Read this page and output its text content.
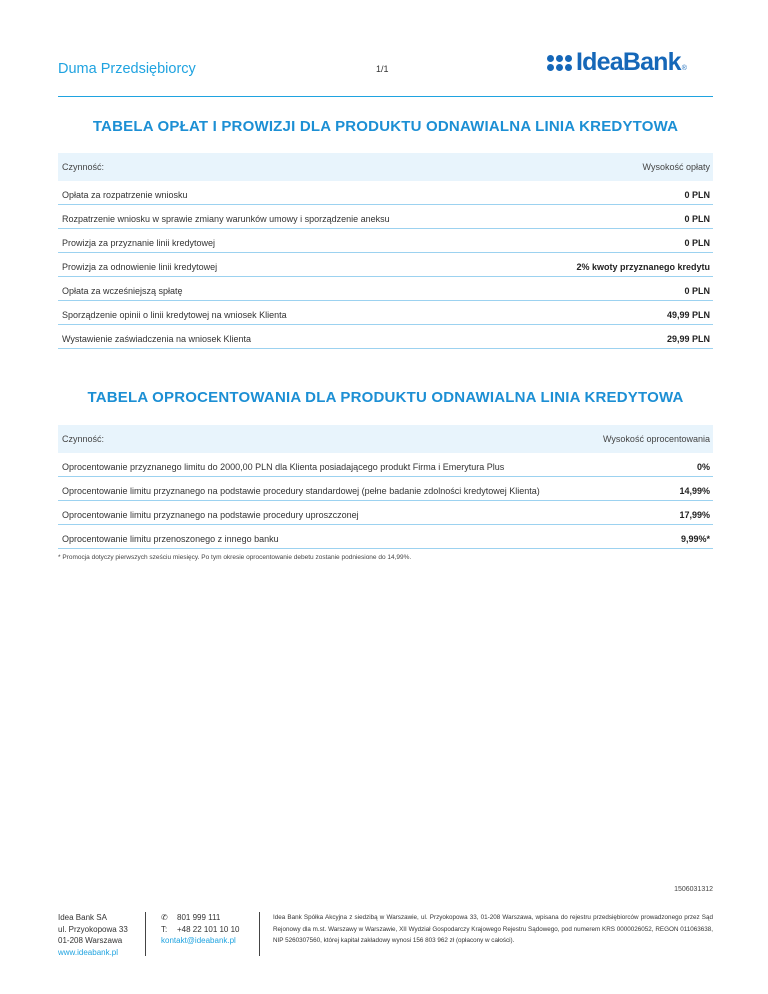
Duma Przedsiębiorcy	1/1	IdeaBank ®
TABELA OPŁAT I PROWIZJI DLA PRODUKTU ODNAWIALNA LINIA KREDYTOWA
Czynność:	Wysokość opłaty
Opłata za rozpatrzenie wniosku	0 PLN
Rozpatrzenie wniosku w sprawie zmiany warunków umowy i sporządzenie aneksu	0 PLN
Prowizja za przyznanie linii kredytowej	0 PLN
Prowizja za odnowienie linii kredytowej	2% kwoty przyznanego kredytu
Opłata za wcześniejszą spłatę	0 PLN
Sporządzenie opinii o linii kredytowej na wniosek Klienta	49,99 PLN
Wystawienie zaświadczenia na wniosek Klienta	29,99 PLN
TABELA OPROCENTOWANIA DLA PRODUKTU ODNAWIALNA LINIA KREDYTOWA
Czynność:	Wysokość oprocentowania
Oprocentowanie przyznanego limitu do 2000,00 PLN dla Klienta posiadającego produkt Firma i Emerytura Plus	0%
Oprocentowanie limitu przyznanego na podstawie procedury standardowej (pełne badanie zdolności kredytowej Klienta)	14,99%
Oprocentowanie limitu przyznanego na podstawie procedury uproszczonej	17,99%
Oprocentowanie limitu przenoszonego z innego banku	9,99%*
* Promocja dotyczy pierwszych sześciu miesięcy. Po tym okresie oprocentowanie debetu zostanie podniesione do 14,99%.
1506031312
Idea Bank SA
ul. Przyokopowa 33
01-208 Warszawa
www.ideabank.pl
✆	801 999 111
T:	+48 22 101 10 10
kontakt@ideabank.pl
Idea Bank Spółka Akcyjna z siedzibą w Warszawie, ul. Przyokopowa 33, 01-208 Warszawa, wpisana do rejestru przedsiębiorców prowadzonego przez Sąd Rejonowy dla m.st. Warszawy w Warszawie, XII Wydział Gospodarczy Krajowego Rejestru Sądowego, pod numerem KRS 0000026052, REGON 011063638, NIP 5260307560, której kapitał zakładowy wynosi 156 803 962 zł (opłacony w całości).
